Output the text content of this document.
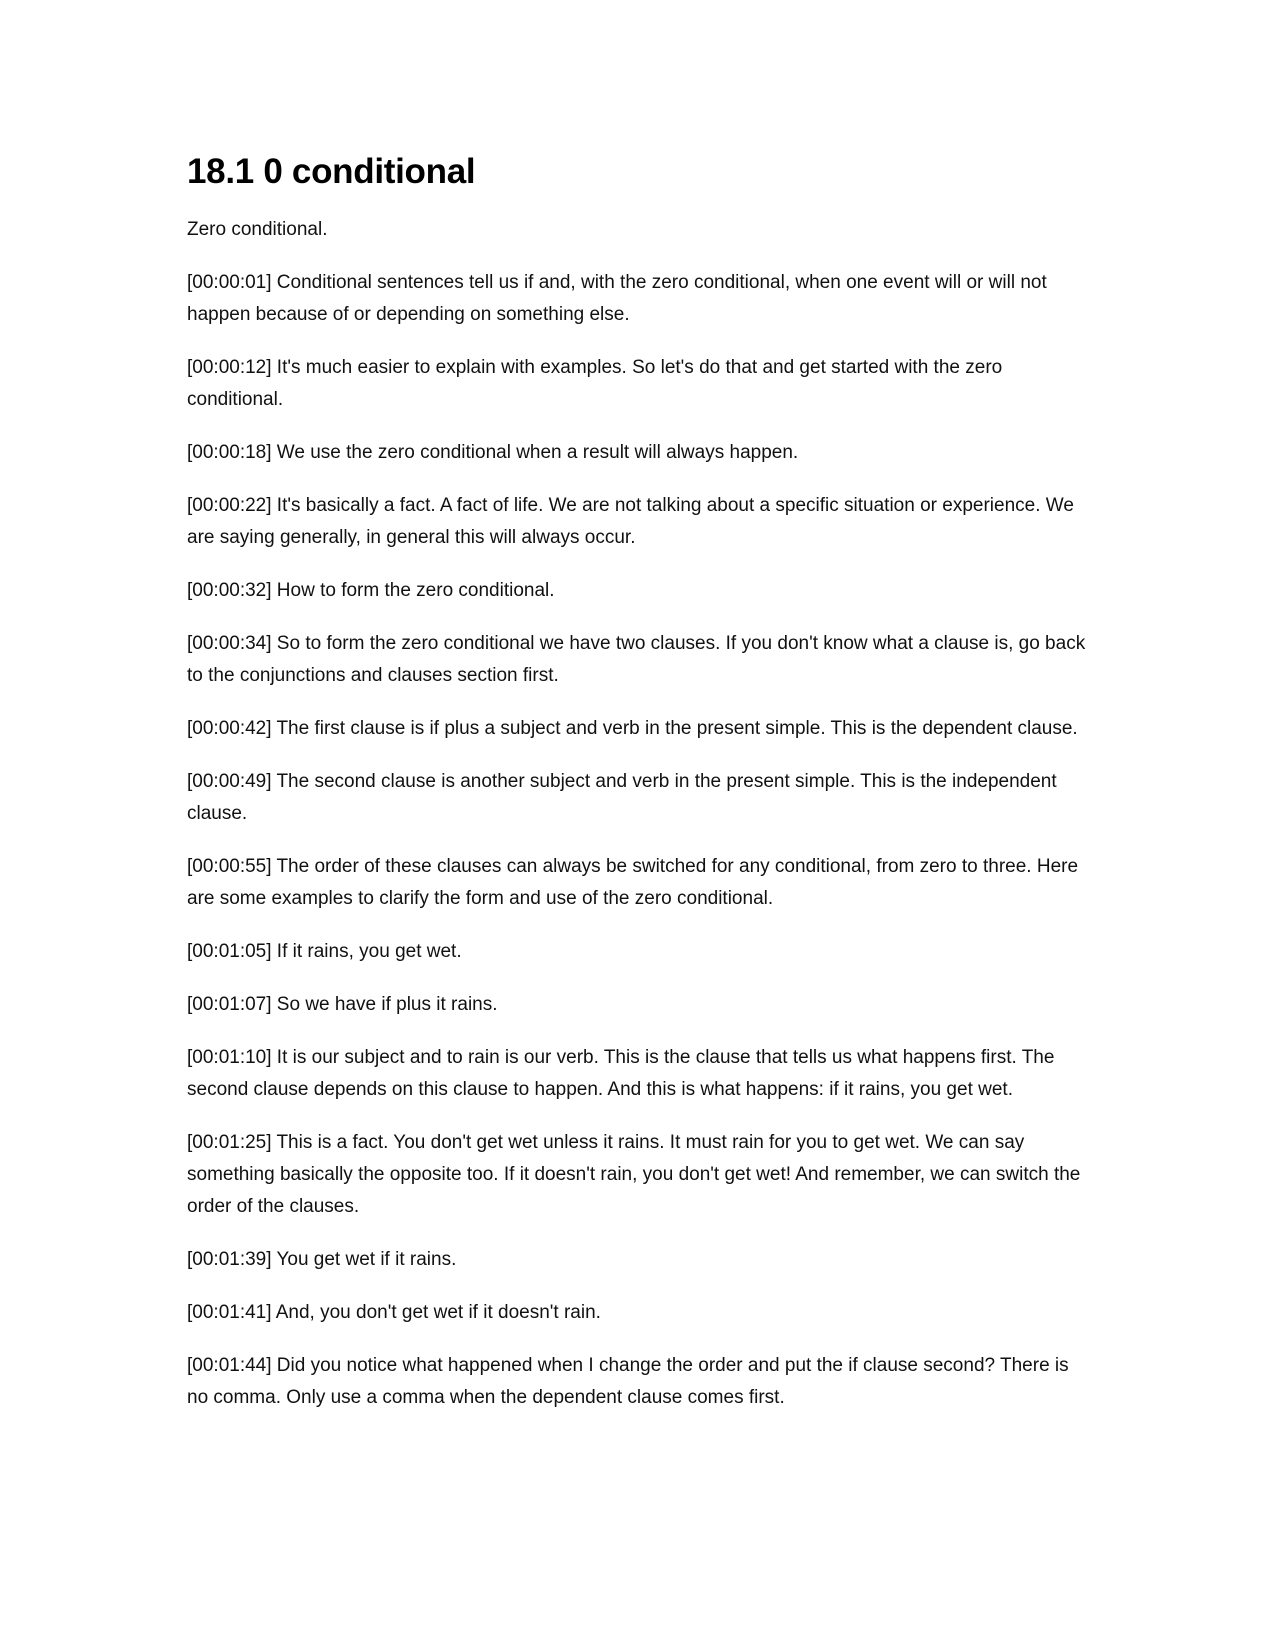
18.1 0 conditional

Zero conditional.

[00:00:01] Conditional sentences tell us if and, with the zero conditional, when one event will or will not happen because of or depending on something else.

[00:00:12] It's much easier to explain with examples. So let's do that and get started with the zero conditional.

[00:00:18] We use the zero conditional when a result will always happen.

[00:00:22] It's basically a fact. A fact of life. We are not talking about a specific situation or experience. We are saying generally, in general this will always occur.

[00:00:32] How to form the zero conditional.

[00:00:34] So to form the zero conditional we have two clauses. If you don't know what a clause is, go back to the conjunctions and clauses section first.

[00:00:42] The first clause is if plus a subject and verb in the present simple. This is the dependent clause.

[00:00:49] The second clause is another subject and verb in the present simple. This is the independent clause.

[00:00:55] The order of these clauses can always be switched for any conditional, from zero to three. Here are some examples to clarify the form and use of the zero conditional.

[00:01:05] If it rains, you get wet.

[00:01:07] So we have if plus it rains.

[00:01:10] It is our subject and to rain is our verb. This is the clause that tells us what happens first. The second clause depends on this clause to happen. And this is what happens: if it rains, you get wet.

[00:01:25] This is a fact. You don't get wet unless it rains. It must rain for you to get wet. We can say something basically the opposite too. If it doesn't rain, you don't get wet! And remember, we can switch the order of the clauses.

[00:01:39] You get wet if it rains.

[00:01:41] And, you don't get wet if it doesn't rain.

[00:01:44] Did you notice what happened when I change the order and put the if clause second? There is no comma. Only use a comma when the dependent clause comes first.
